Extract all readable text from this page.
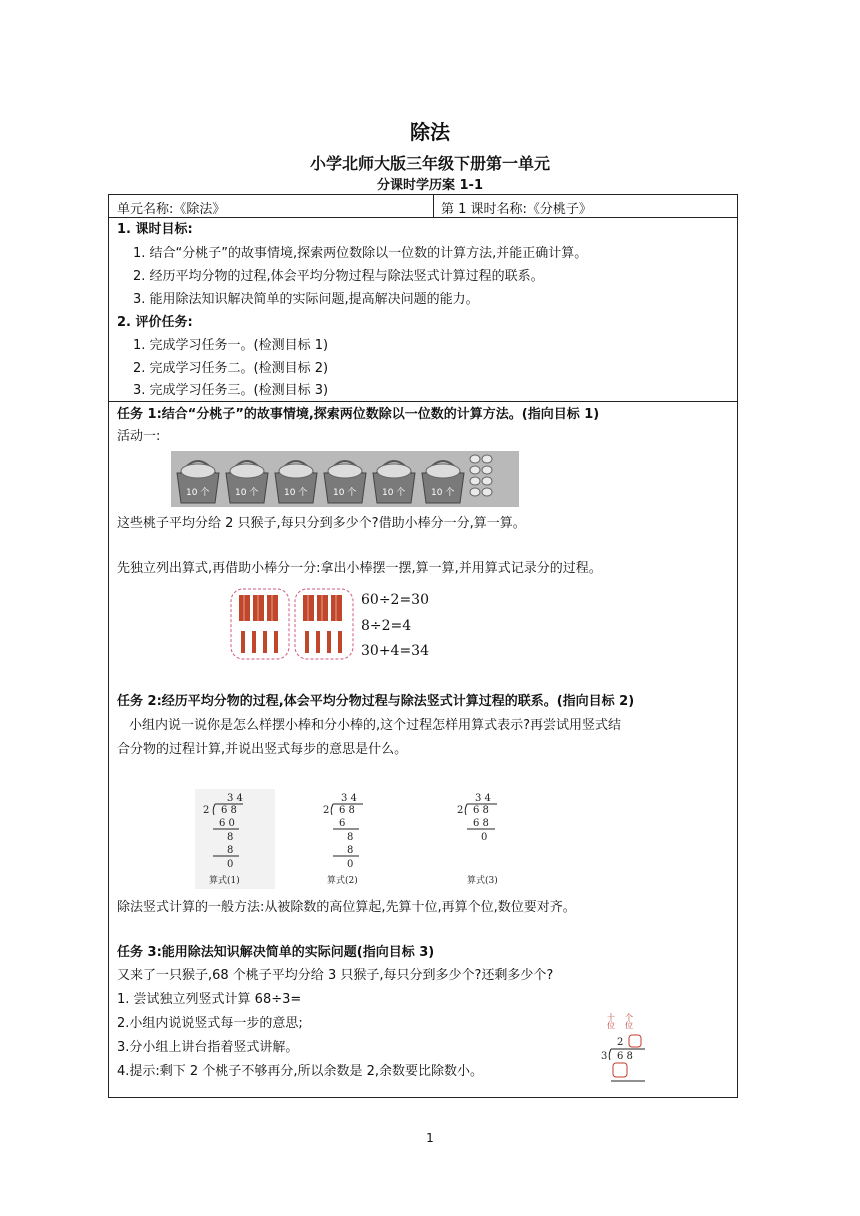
除法
小学北师大版三年级下册第一单元
分课时学历案 1-1
单元名称:《除法》	第 1 课时名称:《分桃子》
1. 课时目标:
1. 结合“分桃子”的故事情境,探索两位数除以一位数的计算方法,并能正确计算。
2. 经历平均分物的过程,体会平均分物过程与除法竖式计算过程的联系。
3. 能用除法知识解决简单的实际问题,提高解决问题的能力。
2. 评价任务:
1. 完成学习任务一。(检测目标 1)
2. 完成学习任务二。(检测目标 2)
3. 完成学习任务三。(检测目标 3)
任务 1:结合“分桃子”的故事情境,探索两位数除以一位数的计算方法。(指向目标 1)
活动一:
10 个	10 个	10 个	10 个	10 个	10 个
这些桃子平均分给 2 只猴子,每只分到多少个?借助小棒分一分,算一算。
先独立列出算式,再借助小棒分一分:拿出小棒摆一摆,算一算,并用算式记录分的过程。
60÷2=30
8÷2=4
30+4=34
任务 2:经历平均分物的过程,体会平均分物过程与除法竖式计算过程的联系。(指向目标 2)
小组内说一说你是怎么样摆小棒和分小棒的,这个过程怎样用算式表示?再尝试用竖式结
合分物的过程计算,并说出竖式每步的意思是什么。
3 4
2 6 8
6 0
8
8
0
算式(1)
3 4
2 6 8
6
8
8
0
算式(2)
3 4
2 6 8
6 8
0
算式(3)
除法竖式计算的一般方法:从被除数的高位算起,先算十位,再算个位,数位要对齐。
任务 3:能用除法知识解决简单的实际问题(指向目标 3)
又来了一只猴子,68 个桃子平均分给 3 只猴子,每只分到多少个?还剩多少个?
1. 尝试独立列竖式计算 68÷3=
2.小组内说说竖式每一步的意思;
3.分小组上讲台指着竖式讲解。
4.提示:剩下 2 个桃子不够再分,所以余数是 2,余数要比除数小。
十位 个位
2
3 6 8
1
